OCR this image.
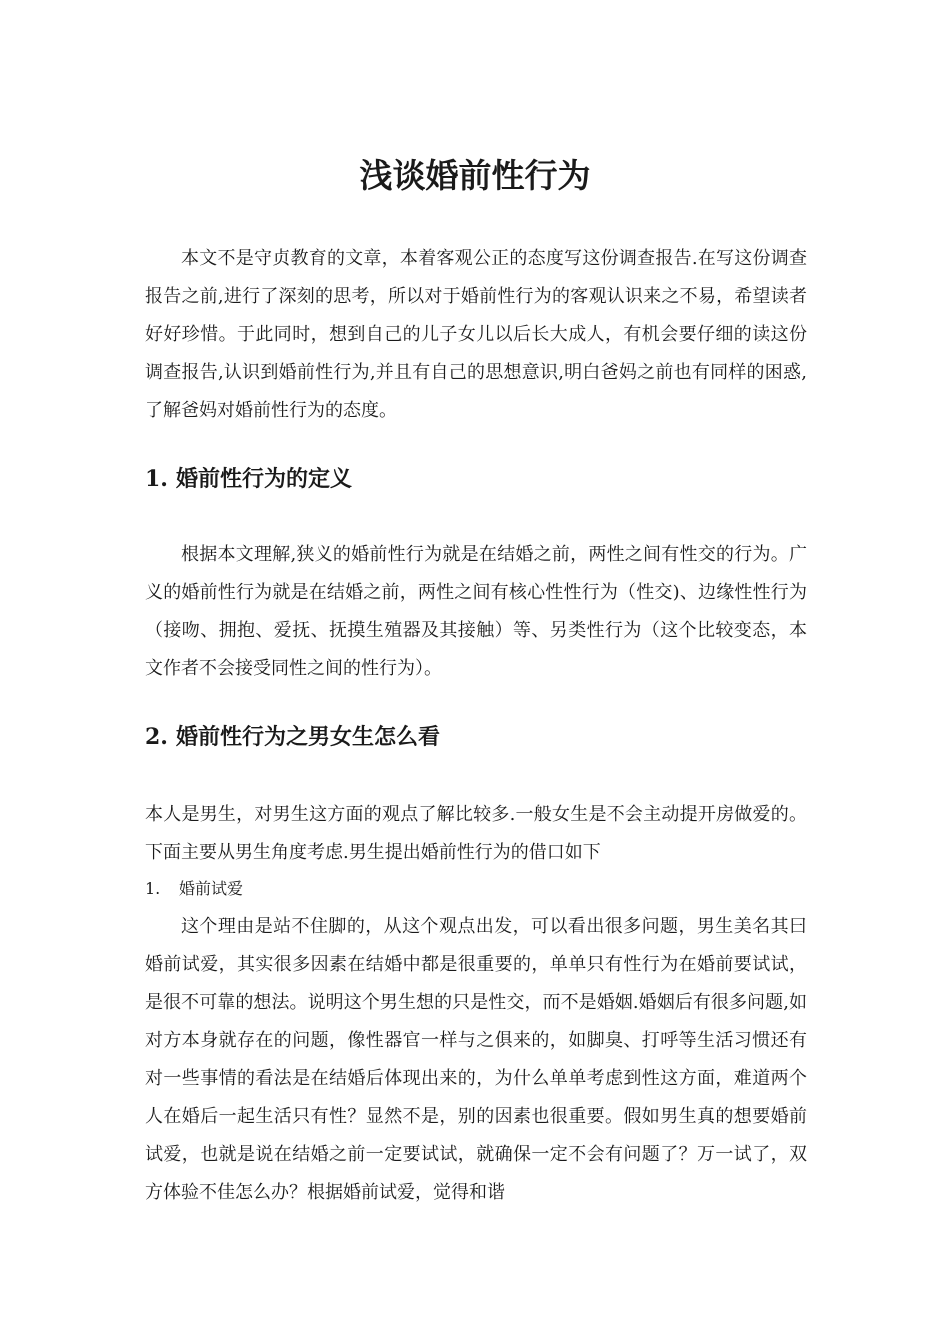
浅谈婚前性行为

本文不是守贞教育的文章，本着客观公正的态度写这份调查报告.在写这份调查报告之前,进行了深刻的思考，所以对于婚前性行为的客观认识来之不易，希望读者好好珍惜。于此同时，想到自己的儿子女儿以后长大成人，有机会要仔细的读这份调查报告,认识到婚前性行为,并且有自己的思想意识,明白爸妈之前也有同样的困惑,了解爸妈对婚前性行为的态度。

1. 婚前性行为的定义

根据本文理解,狭义的婚前性行为就是在结婚之前，两性之间有性交的行为。广义的婚前性行为就是在结婚之前，两性之间有核心性性行为（性交)、边缘性性行为（接吻、拥抱、爱抚、抚摸生殖器及其接触）等、另类性行为（这个比较变态，本文作者不会接受同性之间的性行为）。

2. 婚前性行为之男女生怎么看

本人是男生，对男生这方面的观点了解比较多.一般女生是不会主动提开房做爱的。下面主要从男生角度考虑.男生提出婚前性行为的借口如下

1. 婚前试爱

这个理由是站不住脚的，从这个观点出发，可以看出很多问题，男生美名其曰婚前试爱，其实很多因素在结婚中都是很重要的，单单只有性行为在婚前要试试，是很不可靠的想法。说明这个男生想的只是性交，而不是婚姻.婚姻后有很多问题,如对方本身就存在的问题，像性器官一样与之俱来的，如脚臭、打呼等生活习惯还有对一些事情的看法是在结婚后体现出来的，为什么单单考虑到性这方面，难道两个人在婚后一起生活只有性？显然不是，别的因素也很重要。假如男生真的想要婚前试爱，也就是说在结婚之前一定要试试，就确保一定不会有问题了？万一试了，双方体验不佳怎么办？根据婚前试爱，觉得和谐
